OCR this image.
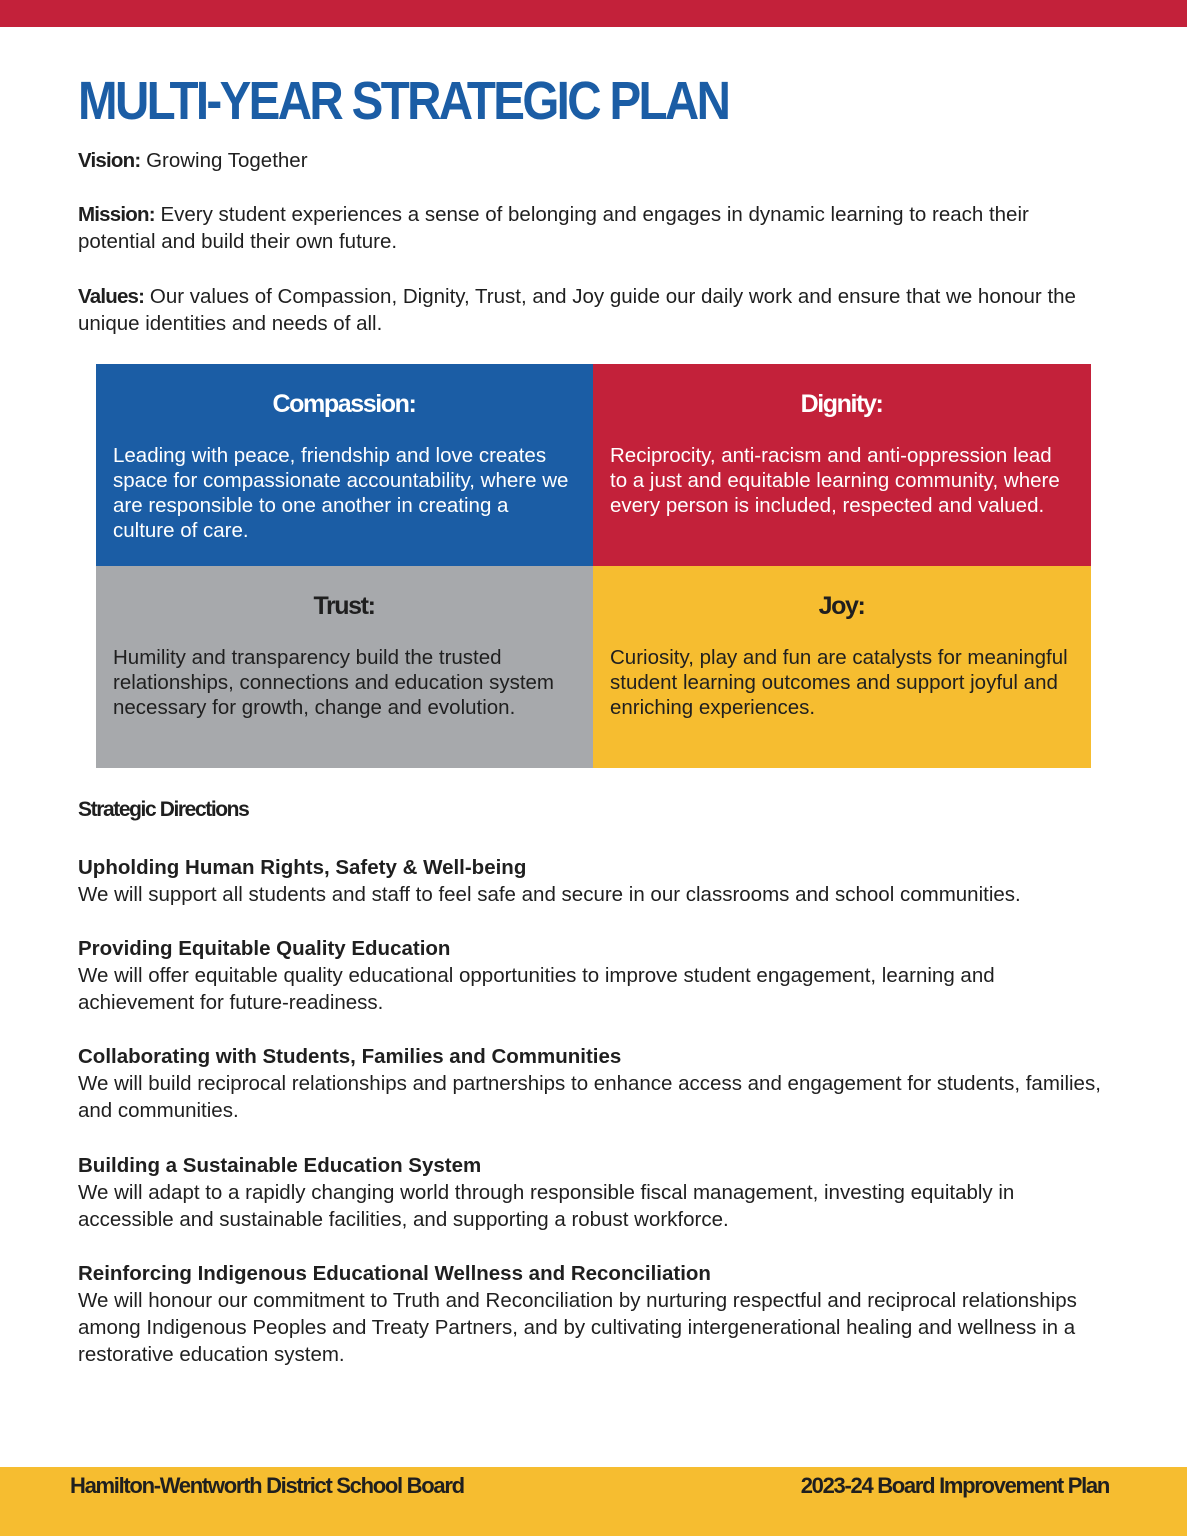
MULTI-YEAR STRATEGIC PLAN

Vision: Growing Together

Mission: Every student experiences a sense of belonging and engages in dynamic learning to reach their potential and build their own future.

Values: Our values of Compassion, Dignity, Trust, and Joy guide our daily work and ensure that we honour the unique identities and needs of all.

Compassion:

Leading with peace, friendship and love creates space for compassionate accountability, where we are responsible to one another in creating a culture of care.

Dignity:

Reciprocity, anti-racism and anti-oppression lead to a just and equitable learning community, where every person is included, respected and valued.

Trust:

Humility and transparency build the trusted relationships, connections and education system necessary for growth, change and evolution.

Joy:

Curiosity, play and fun are catalysts for meaningful student learning outcomes and support joyful and enriching experiences.

Strategic Directions
Upholding Human Rights, Safety & Well-being

We will support all students and staff to feel safe and secure in our classrooms and school communities.

Providing Equitable Quality Education

We will offer equitable quality educational opportunities to improve student engagement, learning and achievement for future-readiness.

Collaborating with Students, Families and Communities

We will build reciprocal relationships and partnerships to enhance access and engagement for students, families, and communities.

Building a Sustainable Education System

We will adapt to a rapidly changing world through responsible fiscal management, investing equitably in accessible and sustainable facilities, and supporting a robust workforce.

Reinforcing Indigenous Educational Wellness and Reconciliation

We will honour our commitment to Truth and Reconciliation by nurturing respectful and reciprocal relationships among Indigenous Peoples and Treaty Partners, and by cultivating intergenerational healing and wellness in a restorative education system.

Hamilton-Wentworth District School Board	2023-24 Board Improvement Plan
